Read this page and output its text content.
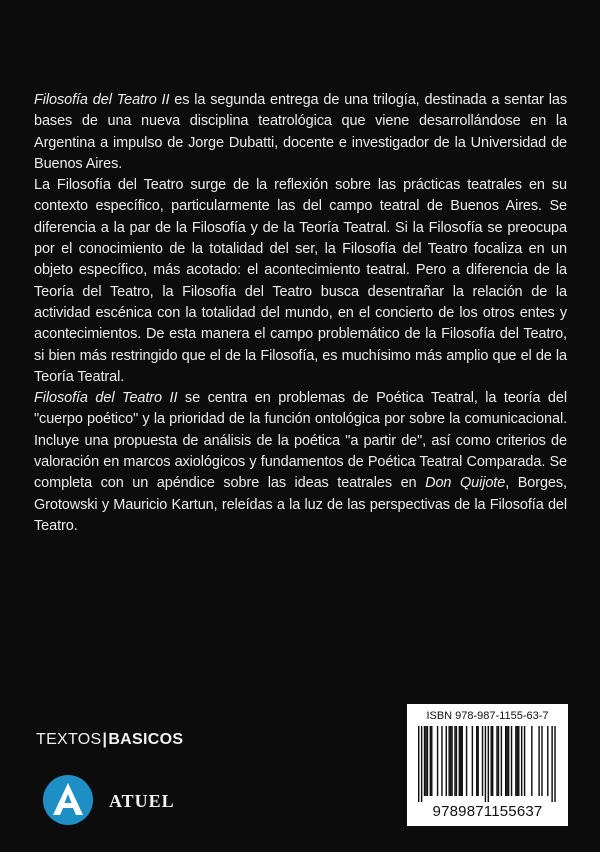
Filosofía del Teatro II es la segunda entrega de una trilogía, destinada a sentar las bases de una nueva disciplina teatrológica que viene desarrollándose en la Argentina a impulso de Jorge Dubatti, docente e investigador de la Universidad de Buenos Aires.

La Filosofía del Teatro surge de la reflexión sobre las prácticas teatrales en su contexto específico, particularmente las del campo teatral de Buenos Aires. Se diferencia a la par de la Filosofía y de la Teoría Teatral. Si la Filosofía se preocupa por el conocimiento de la totalidad del ser, la Filosofía del Teatro focaliza en un objeto específico, más acotado: el acontecimiento teatral. Pero a diferencia de la Teoría del Teatro, la Filosofía del Teatro busca desentrañar la relación de la actividad escénica con la totalidad del mundo, en el concierto de los otros entes y acontecimientos. De esta manera el campo problemático de la Filosofía del Teatro, si bien más restringido que el de la Filosofía, es muchísimo más amplio que el de la Teoría Teatral.

Filosofía del Teatro II se centra en problemas de Poética Teatral, la teoría del "cuerpo poético" y la prioridad de la función ontológica por sobre la comunicacional. Incluye una propuesta de análisis de la poética "a partir de", así como criterios de valoración en marcos axiológicos y fundamentos de Poética Teatral Comparada. Se completa con un apéndice sobre las ideas teatrales en Don Quijote, Borges, Grotowski y Mauricio Kartun, releídas a la luz de las perspectivas de la Filosofía del Teatro.

TEXTOS|BASICOS
ATUEL
ISBN 978-987-1155-63-7
9789871155637
